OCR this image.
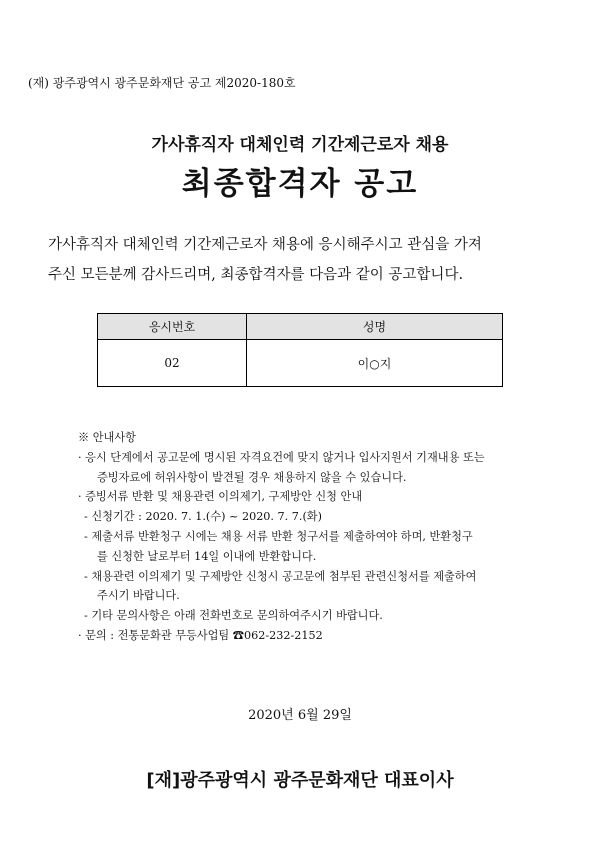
(재) 광주광역시 광주문화재단 공고 제2020-180호
가사휴직자 대체인력 기간제근로자 채용
최종합격자 공고
가사휴직자 대체인력 기간제근로자 채용에 응시해주시고 관심을 가져
주신 모든분께 감사드리며, 최종합격자를 다음과 같이 공고합니다.
응시번호	성명
02	이○지
※ 안내사항
· 응시 단계에서 공고문에 명시된 자격요건에 맞지 않거나 입사지원서 기재내용 또는
증빙자료에 허위사항이 발견될 경우 채용하지 않을 수 있습니다.
· 증빙서류 반환 및 채용관련 이의제기, 구제방안 신청 안내
- 신청기간 : 2020. 7. 1.(수) ~ 2020. 7. 7.(화)
- 제출서류 반환청구 시에는 채용 서류 반환 청구서를 제출하여야 하며, 반환청구
를 신청한 날로부터 14일 이내에 반환합니다.
- 채용관련 이의제기 및 구제방안 신청시 공고문에 첨부된 관련신청서를 제출하여
주시기 바랍니다.
- 기타 문의사항은 아래 전화번호로 문의하여주시기 바랍니다.
· 문의 : 전통문화관 무등사업팀 ☎062-232-2152
2020년 6월 29일
[재]광주광역시 광주문화재단 대표이사
